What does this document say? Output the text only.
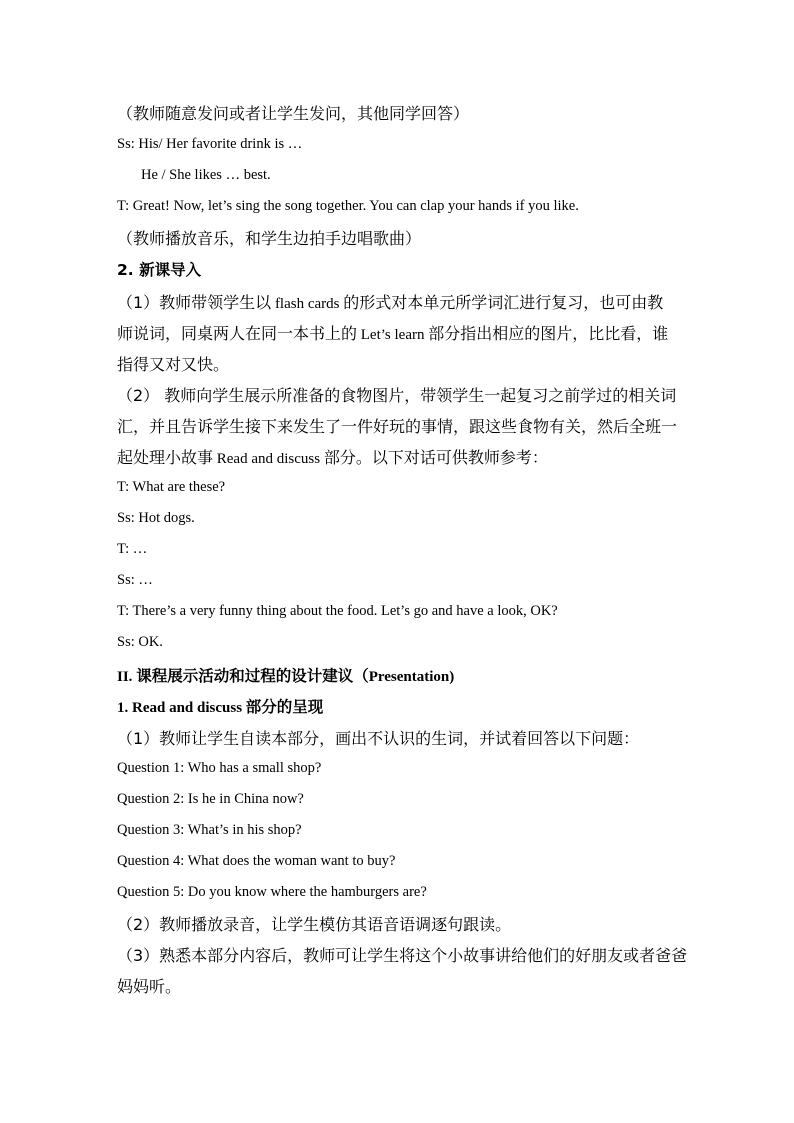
（教师随意发问或者让学生发问，其他同学回答）
Ss: His/ Her favorite drink is …
He / She likes … best.
T: Great! Now, let’s sing the song together. You can clap your hands if you like.
（教师播放音乐，和学生边拍手边唱歌曲）
2. 新课导入
（1）教师带领学生以 flash cards 的形式对本单元所学词汇进行复习，也可由教
师说词，同桌两人在同一本书上的 Let’s learn 部分指出相应的图片，比比看，谁
指得又对又快。
（2） 教师向学生展示所准备的食物图片，带领学生一起复习之前学过的相关词
汇，并且告诉学生接下来发生了一件好玩的事情，跟这些食物有关，然后全班一
起处理小故事 Read and discuss 部分。以下对话可供教师参考：
T: What are these?
Ss: Hot dogs.
T: …
Ss: …
T: There’s a very funny thing about the food. Let’s go and have a look, OK?
Ss: OK.
II. 课程展示活动和过程的设计建议（Presentation)
1. Read and discuss 部分的呈现
（1）教师让学生自读本部分，画出不认识的生词，并试着回答以下问题：
Question 1: Who has a small shop?
Question 2: Is he in China now?
Question 3: What’s in his shop?
Question 4: What does the woman want to buy?
Question 5: Do you know where the hamburgers are?
（2）教师播放录音，让学生模仿其语音语调逐句跟读。
（3）熟悉本部分内容后，教师可让学生将这个小故事讲给他们的好朋友或者爸爸
妈妈听。
